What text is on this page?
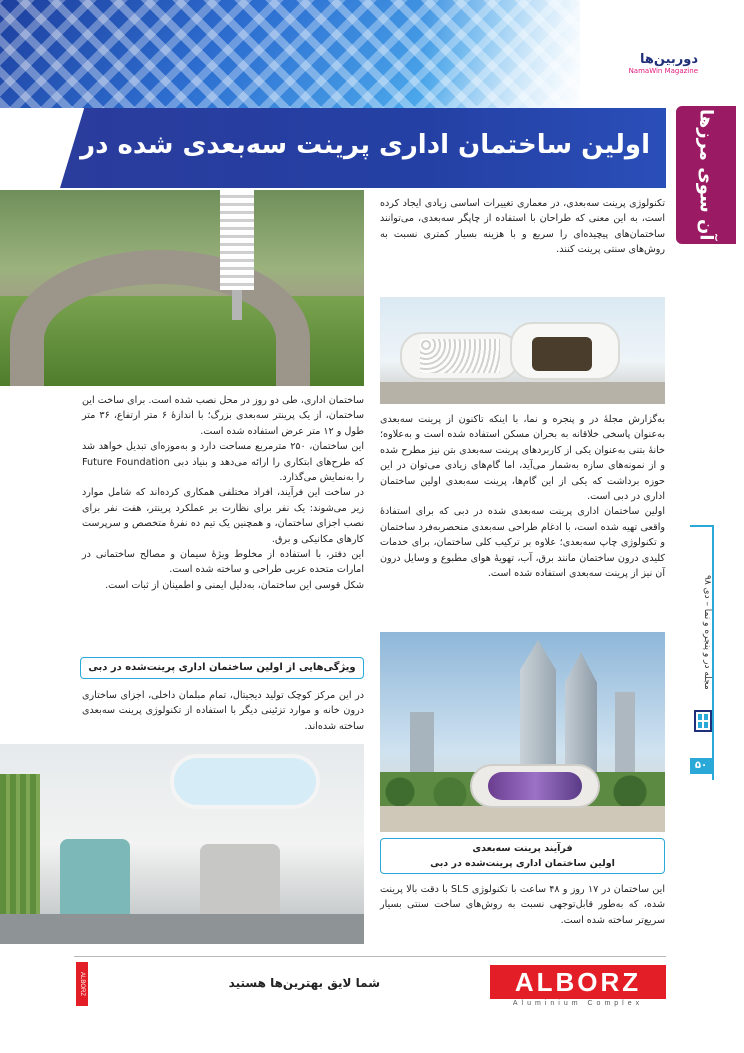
دوربین‌ها
NamaWin Magazine
اولین ساختمان اداری پرینت سه‌بعدی شده در دبی	آن سوی مرزها
مجله در و پنجره و نما – دی ۹۸
۵۰

تکنولوژی پرینت سه‌بعدی، در معماری تغییرات اساسی زیادی ایجاد کرده است، به این معنی که طراحان با استفاده از چاپگر سه‌بعدی، می‌توانند ساختمان‌های پیچیده‌ای را سریع و با هزینه بسیار کمتری نسبت به روش‌های سنتی پرینت کنند.

به‌گزارش مجلهٔ در و پنجره و نما، با اینکه تاکنون از پرینت سه‌بعدی به‌عنوان پاسخی خلاقانه به بحران مسکن استفاده شده است و به‌علاوه؛ خانهٔ بتنی به‌عنوان یکی از کاربردهای پرینت سه‌بعدی بتن نیز مطرح شده و از نمونه‌های سازه به‌شمار می‌آید، اما گام‌های زیادی می‌توان در این حوزه برداشت که یکی از این گام‌ها، پرینت سه‌بعدی اولین ساختمان اداری در دبی است.

اولین ساختمان اداری پرینت سه‌بعدی شده در دبی که برای استفادهٔ واقعی تهیه شده است، با ادغام طراحی سه‌بعدی منحصربه‌فرد ساختمان و تکنولوژی چاپ سه‌بعدی؛ علاوه بر ترکیب کلی ساختمان، برای خدمات کلیدی درون ساختمان مانند برق، آب، تهویهٔ هوای مطبوع و وسایل درون آن نیز از پرینت سه‌بعدی استفاده شده است.

ساختمان اداری، طی دو روز در محل نصب شده است. برای ساخت این ساختمان، از یک پرینتر سه‌بعدی بزرگ؛ با اندازهٔ ۶ متر ارتفاع، ۳۶ متر طول و ۱۲ متر عرض استفاده شده است.

این ساختمان، ۲۵۰ مترمربع مساحت دارد و به‌موزه‌ای تبدیل خواهد شد که طرح‌های ابتکاری را ارائه می‌دهد و بنیاد دبی Future Foundation را به‌نمایش می‌گذارد.

در ساخت این فرآیند، افراد مختلفی همکاری کرده‌اند که شامل موارد زیر می‌شوند: یک نفر برای نظارت بر عملکرد پرینتر، هفت نفر برای نصب اجزای ساختمان، و همچنین یک تیم ده نفرهٔ متخصص و سرپرست کارهای مکانیکی و برق.

این دفتر، با استفاده از مخلوط ویژهٔ سیمان و مصالح ساختمانی در امارات متحده عربی طراحی و ساخته شده است.

شکل قوسی این ساختمان، به‌دلیل ایمنی و اطمینان از ثبات است.

ویژگی‌هایی از اولین ساختمان اداری پرینت‌شده در دبی

در این مرکز کوچک تولید دیجیتال، تمام مبلمان داخلی، اجزای ساختاری درون خانه و موارد تزئینی دیگر با استفاده از تکنولوژی پرینت سه‌بعدی ساخته شده‌اند.

فرآیند پرینت سه‌بعدی
اولین ساختمان اداری پرینت‌شده در دبی

این ساختمان در ۱۷ روز و ۴۸ ساعت با تکنولوژی SLS با دقت بالا پرینت شده، که به‌طور قابل‌توجهی نسبت به روش‌های ساخت سنتی بسیار سریع‌تر ساخته شده است.

ALBORZ	شما لایق بهترین‌ها هستید	ALBORZ
Aluminium Complex
